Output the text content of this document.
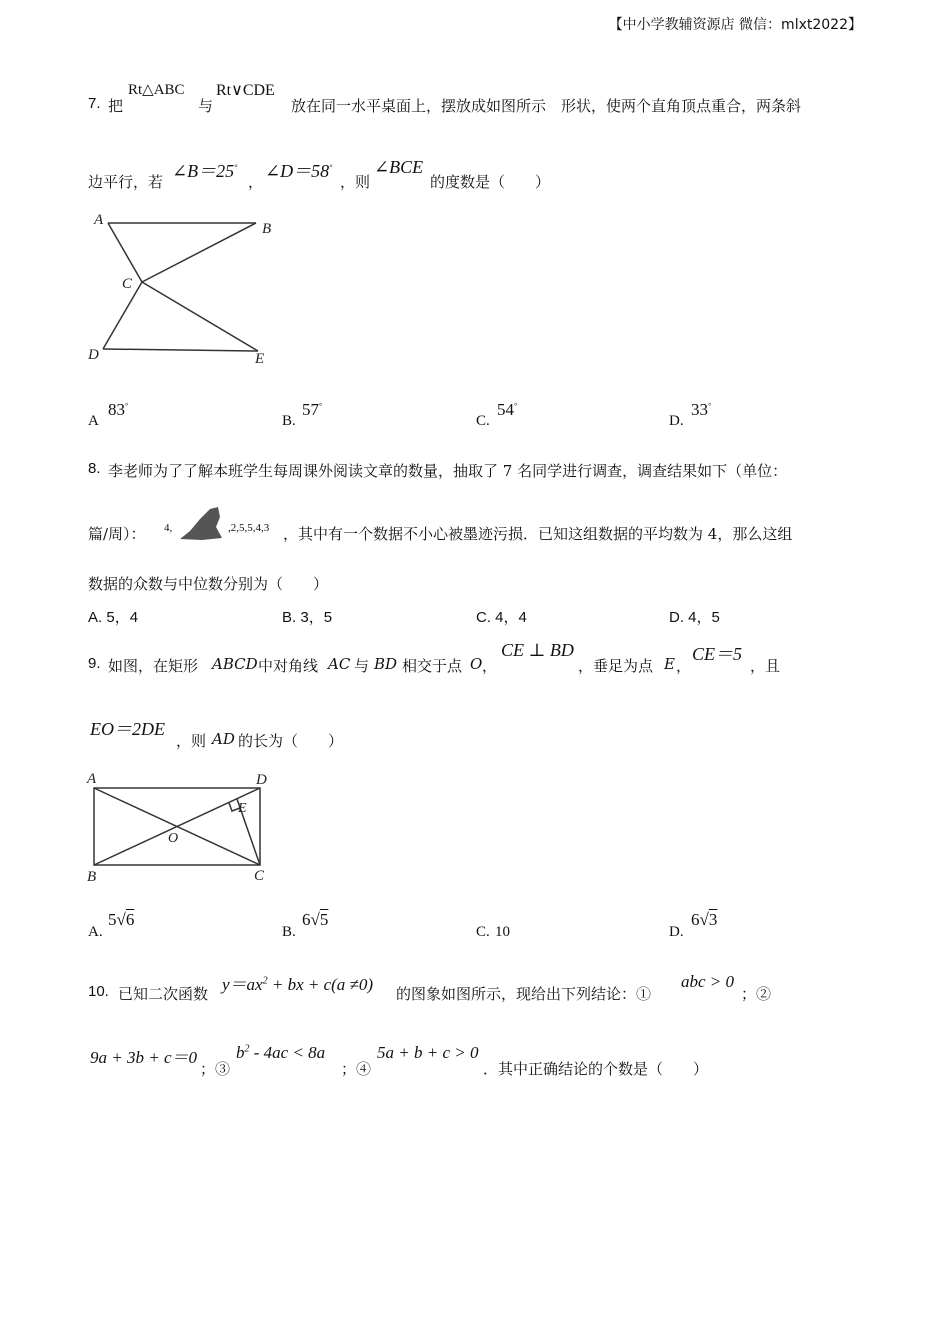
【中小学教辅资源店 微信：mlxt2022】
7. 把
Rt△ABC
与
Rt∨CDE
放在同一水平桌面上，摆放成如图所示　形状，使两个直角顶点重合，两条斜
边平行，若
∠B＝25°
，
∠D＝58°
，则
∠BCE
的度数是（　　）
A
B
C
D	E
A
83°
B.
57°
C.
54°
D.
33°
8. 李老师为了了解本班学生每周课外阅读文章的数量，抽取了 7 名同学进行调查，调查结果如下（单位：
篇/周）： 4,	,2,5,5,4,3 ，其中有一个数据不小心被墨迹污损．已知这组数据的平均数为 4，那么这组
数据的众数与中位数分别为（　　）
A. 5，4	B. 3，5	C. 4，4	D. 4，5
9. 如图，在矩形 ABCD 中对角线 AC 与 BD 相交于点 O ，
CE ⊥ BD
，垂足为点 E ，
CE＝5
，且
EO＝2DE
，则 AD 的长为（　　）
A	D
E
O
B	C
A.
5√6
B.
6√5
C. 10	D.
6√3
10. 已知二次函数 $y=ax^2$ + bx + c(a ≠0) 的图象如图所示，现给出下列结论：①
abc > 0
；②
9a + 3b + c＝0
；③
$b^2 - 4ac < 8a$
；④
5a + b + c > 0
．其中正确结论的个数是（　　）
